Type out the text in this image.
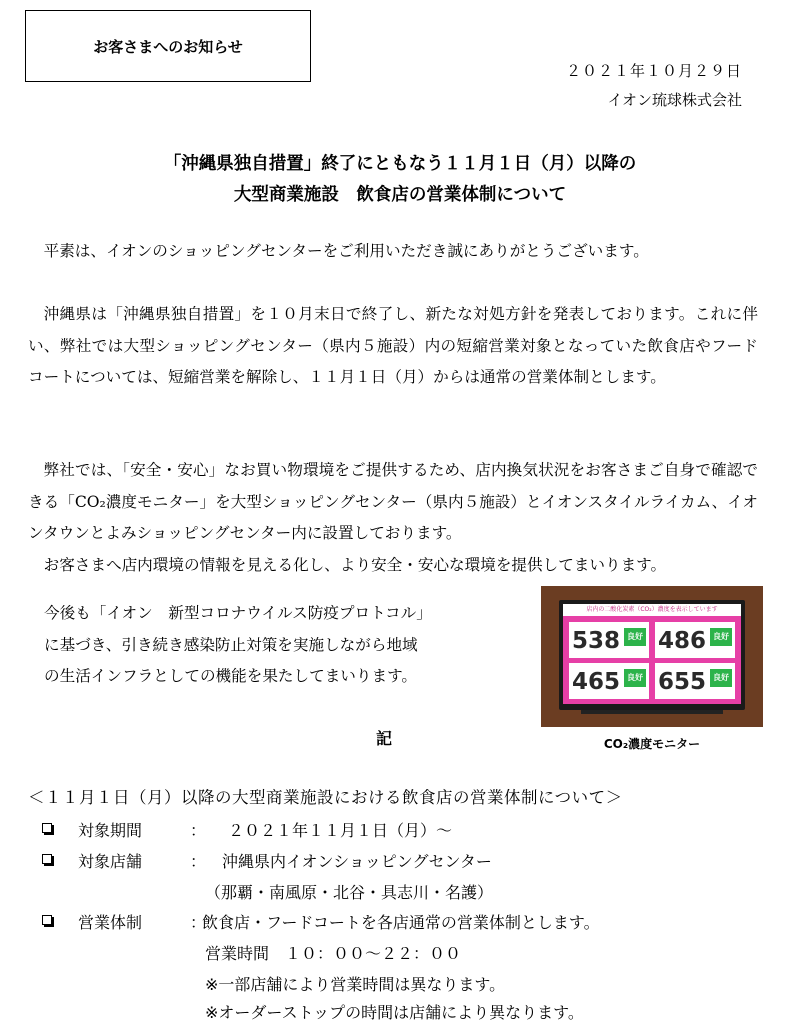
お客さまへのお知らせ
２０２１年１０月２９日
イオン琉球株式会社
「沖縄県独自措置」終了にともなう１１月１日（月）以降の
大型商業施設　飲食店の営業体制について

平素は、イオンのショッピングセンターをご利用いただき誠にありがとうございます。

沖縄県は「沖縄県独自措置」を１０月末日で終了し、新たな対処方針を発表しております。これに伴い、弊社では大型ショッピングセンター（県内５施設）内の短縮営業対象となっていた飲食店やフードコートについては、短縮営業を解除し、１１月１日（月）からは通常の営業体制とします。

弊社では、「安全・安心」なお買い物環境をご提供するため、店内換気状況をお客さまご自身で確認できる「CO₂濃度モニター」を大型ショッピングセンター（県内５施設）とイオンスタイルライカム、イオンタウンとよみショッピングセンター内に設置しております。

お客さまへ店内環境の情報を見える化し、より安全・安心な環境を提供してまいります。

今後も「イオン　新型コロナウイルス防疫プロトコル」

に基づき、引き続き感染防止対策を実施しながら地域

の生活インフラとしての機能を果たしてまいります。

店内の二酸化炭素（CO₂）濃度を表示しています
538 良好 486 良好
465 良好 655 良好
CO₂濃度モニター
記
＜１１月１日（月）以降の大型商業施設における飲食店の営業体制について＞
対象期間	： ２０２１年１１月１日（月）～
対象店舗	： 沖縄県内イオンショッピングセンター
（那覇・南風原・北谷・具志川・名護）
営業体制	：
飲食店・フードコートを各店通常の営業体制とします。
営業時間　１０：００～２２：００
※一部店舗により営業時間は異なります。
※オーダーストップの時間は店舗により異なります。
